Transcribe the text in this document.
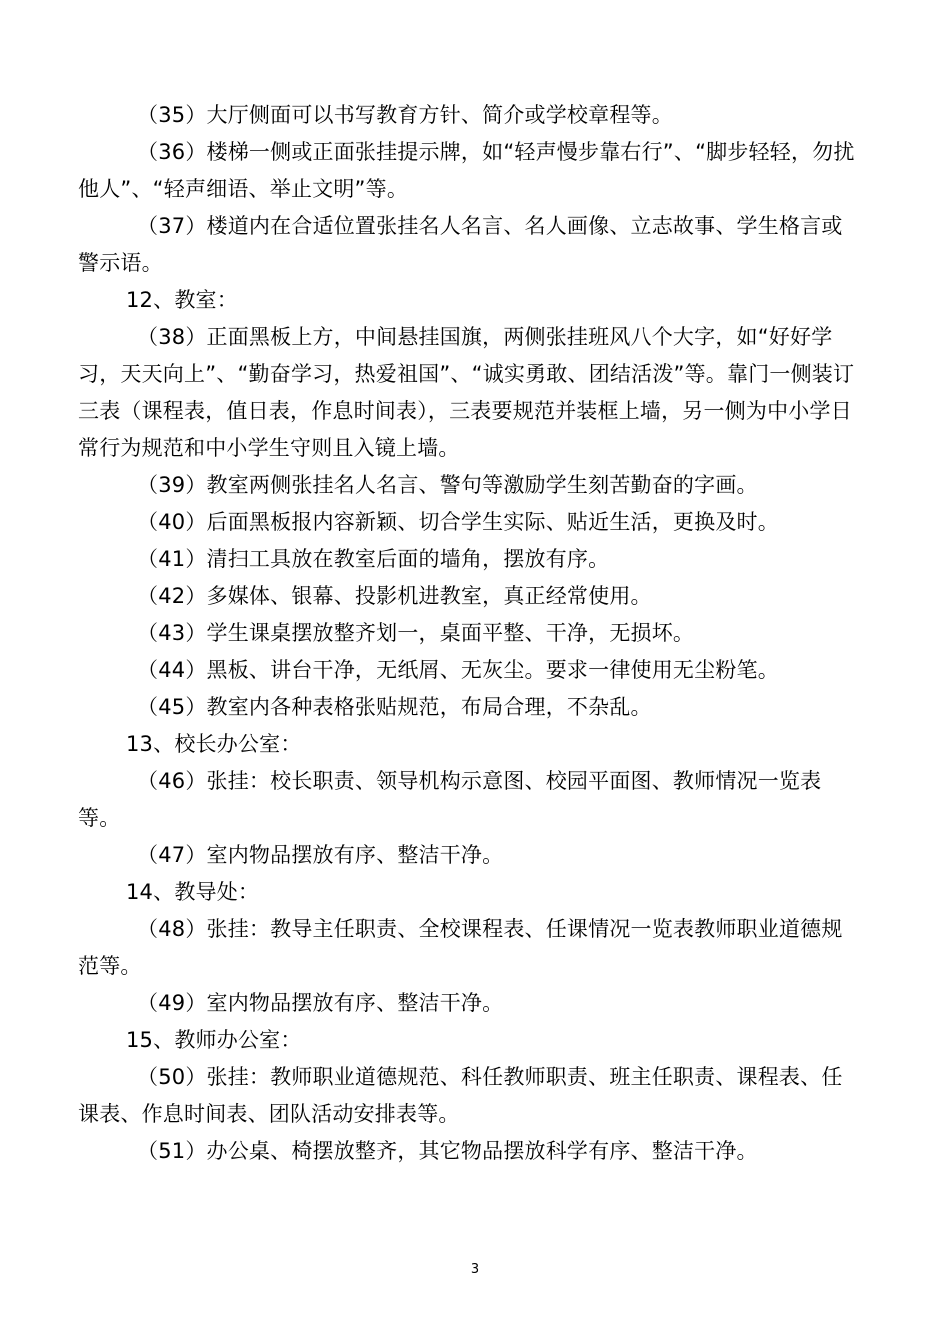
（35）大厅侧面可以书写教育方针、简介或学校章程等。

（36）楼梯一侧或正面张挂提示牌，如“轻声慢步靠右行”、“脚步轻轻，勿扰他人”、“轻声细语、举止文明”等。

（37）楼道内在合适位置张挂名人名言、名人画像、立志故事、学生格言或警示语。

12、教室：

（38）正面黑板上方，中间悬挂国旗，两侧张挂班风八个大字，如“好好学习，天天向上”、“勤奋学习，热爱祖国”、“诚实勇敢、团结活泼”等。靠门一侧装订三表（课程表，值日表，作息时间表），三表要规范并装框上墙，另一侧为中小学日常行为规范和中小学生守则且入镜上墙。

（39）教室两侧张挂名人名言、警句等激励学生刻苦勤奋的字画。

（40）后面黑板报内容新颖、切合学生实际、贴近生活，更换及时。

（41）清扫工具放在教室后面的墙角，摆放有序。

（42）多媒体、银幕、投影机进教室，真正经常使用。

（43）学生课桌摆放整齐划一，桌面平整、干净，无损坏。

（44）黑板、讲台干净，无纸屑、无灰尘。要求一律使用无尘粉笔。

（45）教室内各种表格张贴规范，布局合理，不杂乱。

13、校长办公室：

（46）张挂：校长职责、领导机构示意图、校园平面图、教师情况一览表等。

（47）室内物品摆放有序、整洁干净。

14、教导处：

（48）张挂：教导主任职责、全校课程表、任课情况一览表教师职业道德规范等。

（49）室内物品摆放有序、整洁干净。

15、教师办公室：

（50）张挂：教师职业道德规范、科任教师职责、班主任职责、课程表、任课表、作息时间表、团队活动安排表等。

（51）办公桌、椅摆放整齐，其它物品摆放科学有序、整洁干净。

3
